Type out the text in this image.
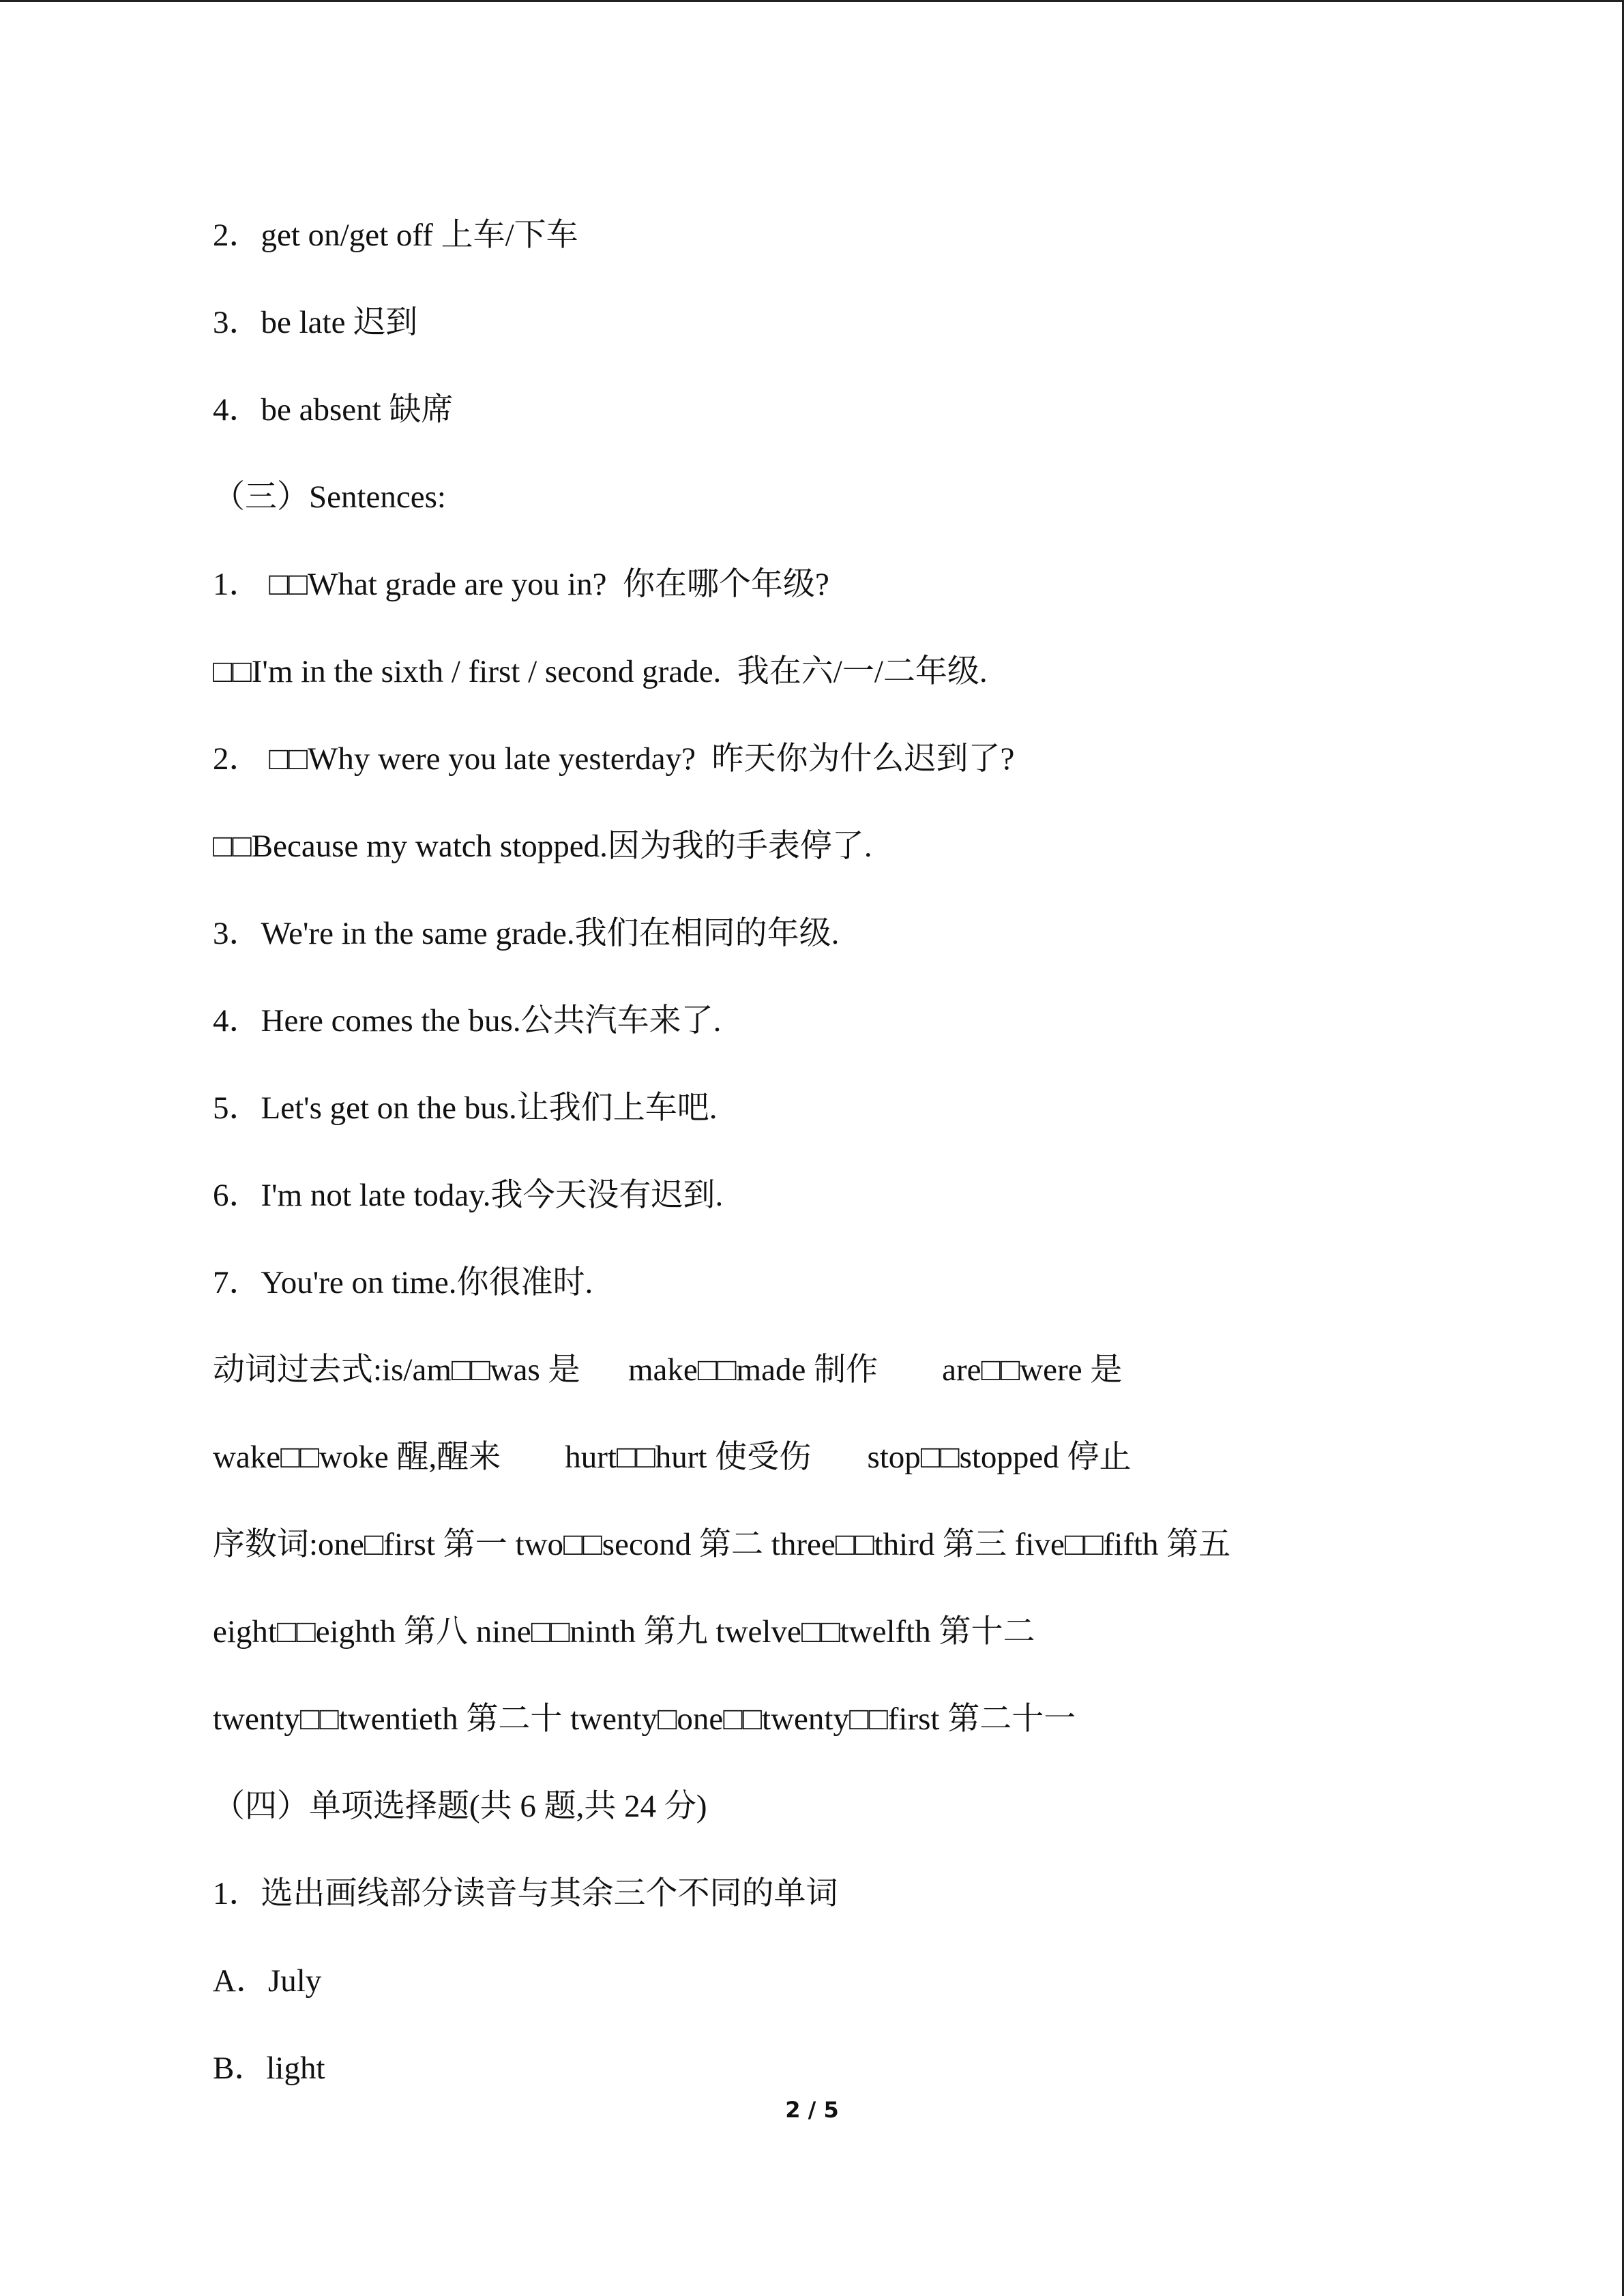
2．get on/get off 上车/下车
3．be late 迟到
4．be absent 缺席
（三）Sentences:
1． □□What grade are you in?  你在哪个年级?
□□I'm in the sixth / first / second grade.  我在六/一/二年级.
2． □□Why were you late yesterday?  昨天你为什么迟到了?
□□Because my watch stopped.因为我的手表停了.
3．We're in the same grade.我们在相同的年级.
4．Here comes the bus.公共汽车来了.
5．Let's get on the bus.让我们上车吧.
6．I'm not late today.我今天没有迟到.
7．You're on time.你很准时.
动词过去式:is/am□□was 是      make□□made 制作        are□□were 是
wake□□woke 醒,醒来        hurt□□hurt 使受伤       stop□□stopped 停止
序数词:one□first 第一 two□□second 第二 three□□third 第三 five□□fifth 第五
eight□□eighth 第八 nine□□ninth 第九 twelve□□twelfth 第十二
twenty□□twentieth 第二十 twenty□one□□twenty□□first 第二十一
（四）单项选择题(共 6 题,共 24 分)
1．选出画线部分读音与其余三个不同的单词
A．July
B．light
2 / 5
